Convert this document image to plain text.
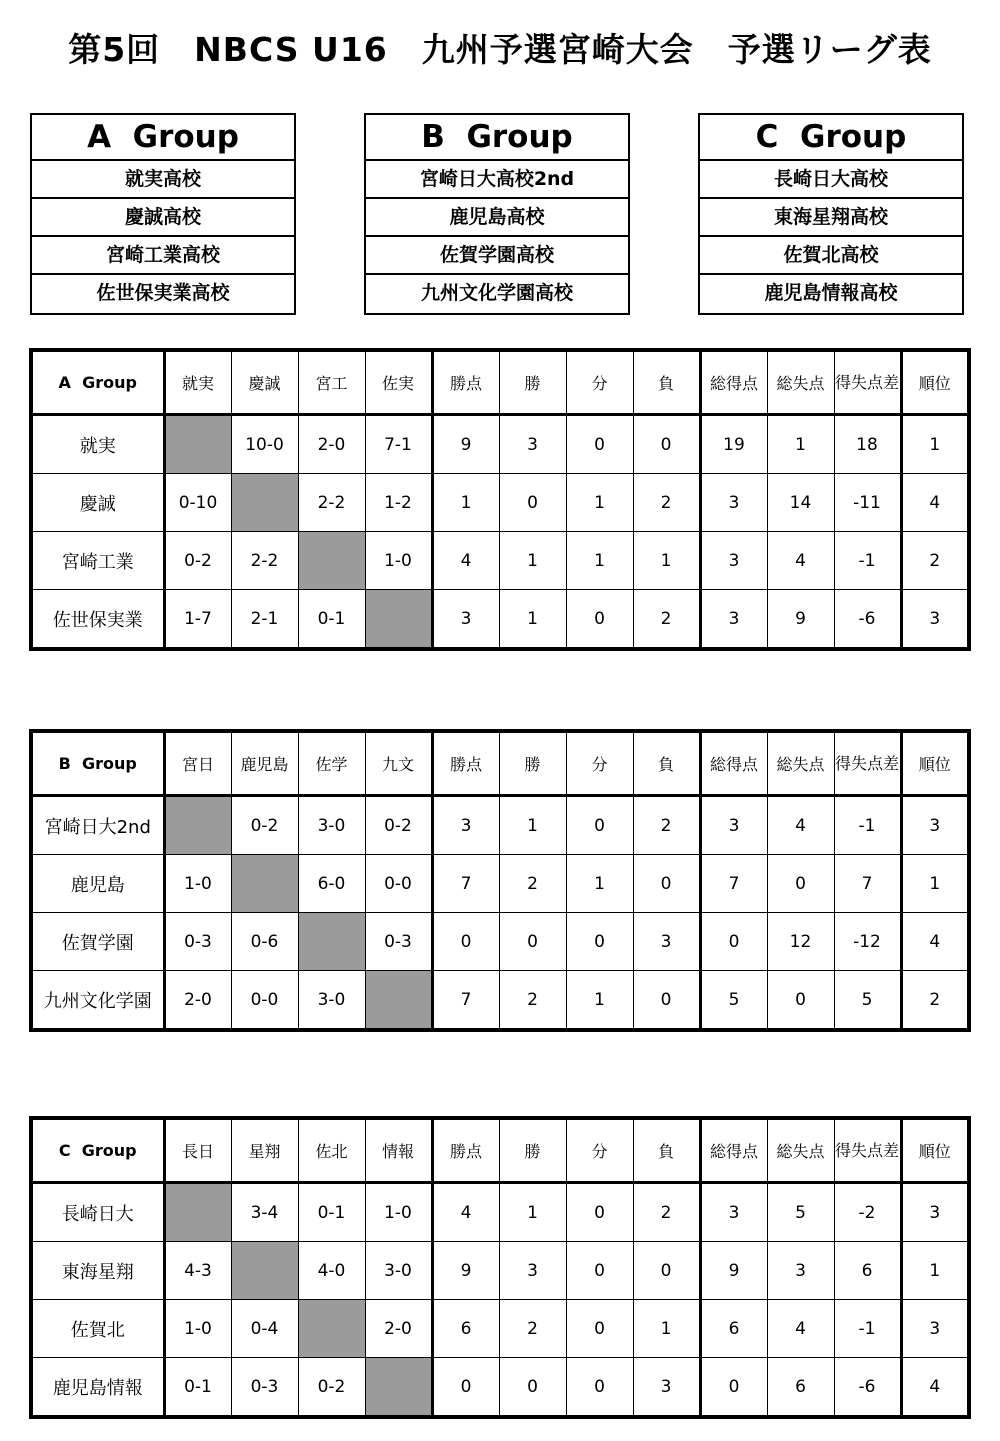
第5回　NBCS U16　九州予選宮崎大会　予選リーグ表
A  Group
就実高校
慶誠高校
宮崎工業高校
佐世保実業高校
B  Group
宮崎日大高校2nd
鹿児島高校
佐賀学園高校
九州文化学園高校
C  Group
長崎日大高校
東海星翔高校
佐賀北高校
鹿児島情報高校
A  Group	就実	慶誠	宮工	佐実	勝点	勝	分	負	総得点	総失点	得失点差	順位
就実		10-0	2-0	7-1	9	3	0	0	19	1	18	1
慶誠	0-10		2-2	1-2	1	0	1	2	3	14	-11	4
宮崎工業	0-2	2-2		1-0	4	1	1	1	3	4	-1	2
佐世保実業	1-7	2-1	0-1		3	1	0	2	3	9	-6	3
B  Group	宮日	鹿児島	佐学	九文	勝点	勝	分	負	総得点	総失点	得失点差	順位
宮崎日大2nd		0-2	3-0	0-2	3	1	0	2	3	4	-1	3
鹿児島	1-0		6-0	0-0	7	2	1	0	7	0	7	1
佐賀学園	0-3	0-6		0-3	0	0	0	3	0	12	-12	4
九州文化学園	2-0	0-0	3-0		7	2	1	0	5	0	5	2
C  Group	長日	星翔	佐北	情報	勝点	勝	分	負	総得点	総失点	得失点差	順位
長崎日大		3-4	0-1	1-0	4	1	0	2	3	5	-2	3
東海星翔	4-3		4-0	3-0	9	3	0	0	9	3	6	1
佐賀北	1-0	0-4		2-0	6	2	0	1	6	4	-1	3
鹿児島情報	0-1	0-3	0-2		0	0	0	3	0	6	-6	4
